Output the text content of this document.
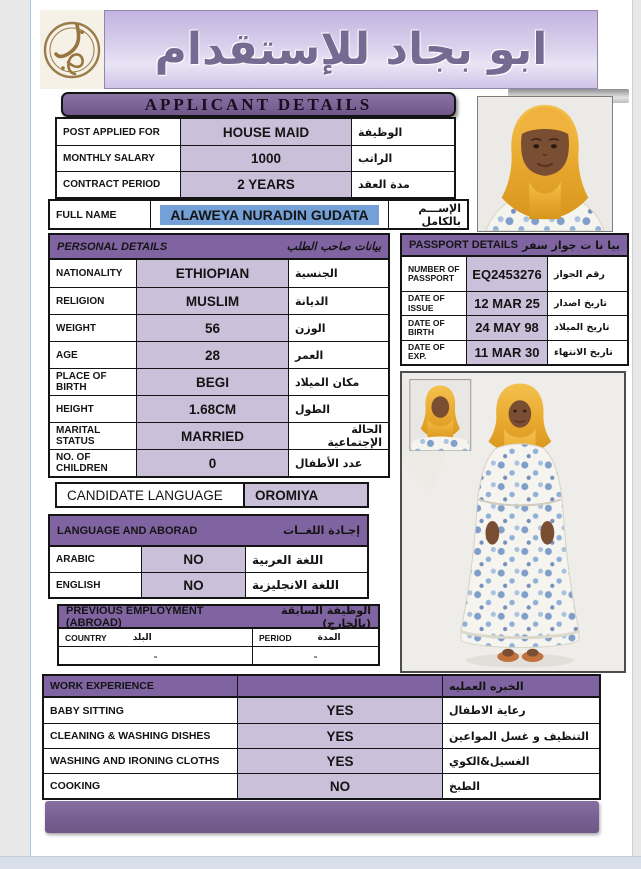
ابو بجاد للإستقدام
APPLICANT DETAILS
POST APPLIED FOR	HOUSE MAID	الوظيفة
MONTHLY SALARY	1000	الراتب
CONTRACT PERIOD	2 YEARS	مدة العقد
FULL NAME	ALAWEYA NURADIN GUDATA	الإســـم بالكامل
PERSONAL DETAILS	بيانات صاحب الطلب
NATIONALITY	ETHIOPIAN	الجنسية
RELIGION	MUSLIM	الديانة
WEIGHT	56	الوزن
AGE	28	العمر
PLACE OF BIRTH	BEGI	مكان الميلاد
HEIGHT	1.68CM	الطول
MARITAL STATUS	MARRIED	الحالة الإجتماعية
NO. OF CHILDREN	0	عدد الأطفال
PASSPORT DETAILS بيا نا ت جواز سفر
NUMBER OF PASSPORT	EQ2453276	رقم الجواز
DATE OF ISSUE	12 MAR 25	تاريخ اصدار
DATE OF BIRTH	24 MAY 98	تاريخ الميلاد
DATE OF EXP.	11 MAR 30	تاريخ الانتهاء
CANDIDATE LANGUAGE	OROMIYA
LANGUAGE AND ABORAD	إجـادة اللغــات
ARABIC	NO	اللغة العربية
ENGLISH	NO	اللغة الانجليزية
PREVIOUS EMPLOYMENT (ABROAD)
الوظيفة السابقة (بالخارج)
COUNTRY	البلد	PERIOD	المدة
-	-
WORK EXPERIENCE	الخبره العمليه
BABY SITTING	YES	رعاية الاطفال
CLEANING & WASHING DISHES	YES	التنظيف و غسل المواعين
WASHING AND IRONING CLOTHS	YES	الغسيل&الكوي
COOKING	NO	الطبخ
